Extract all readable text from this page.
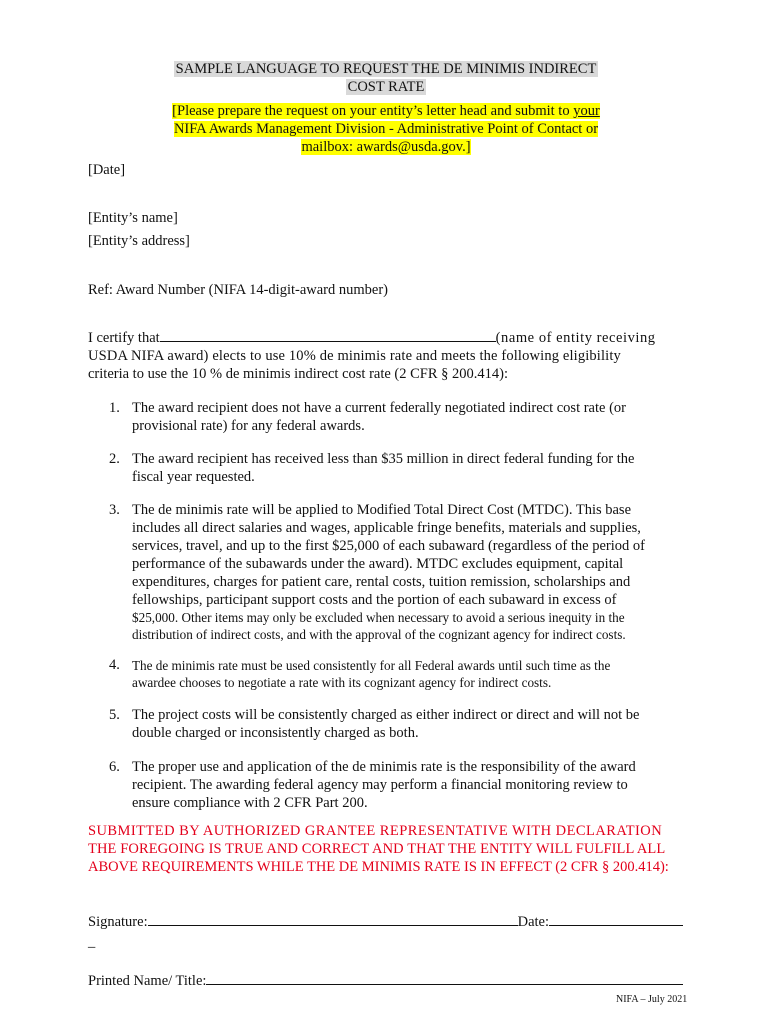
SAMPLE LANGUAGE TO REQUEST THE DE MINIMIS INDIRECT
COST RATE
[Please prepare the request on your entity’s letter head and submit to your
NIFA Awards Management Division - Administrative Point of Contact or
mailbox: awards@usda.gov.]
[Date]
[Entity’s name]
[Entity’s address]
Ref: Award Number (NIFA 14-digit-award number)
I certify that	(name of entity receiving
USDA NIFA award) elects to use 10% de minimis rate and meets the following eligibility
criteria to use the 10 % de minimis indirect cost rate (2 CFR § 200.414):
1. The award recipient does not have a current federally negotiated indirect cost rate (or
provisional rate) for any federal awards.
2. The award recipient has received less than $35 million in direct federal funding for the
fiscal year requested.
3. The de minimis rate will be applied to Modified Total Direct Cost (MTDC). This base
includes all direct salaries and wages, applicable fringe benefits, materials and supplies,
services, travel, and up to the first $25,000 of each subaward (regardless of the period of
performance of the subawards under the award). MTDC excludes equipment, capital
expenditures, charges for patient care, rental costs, tuition remission, scholarships and
fellowships, participant support costs and the portion of each subaward in excess of
$25,000. Other items may only be excluded when necessary to avoid a serious inequity in the
distribution of indirect costs, and with the approval of the cognizant agency for indirect costs.
4. The de minimis rate must be used consistently for all Federal awards until such time as the
awardee chooses to negotiate a rate with its cognizant agency for indirect costs.
5. The project costs will be consistently charged as either indirect or direct and will not be
double charged or inconsistently charged as both.
6. The proper use and application of the de minimis rate is the responsibility of the award
recipient. The awarding federal agency may perform a financial monitoring review to
ensure compliance with 2 CFR Part 200.
SUBMITTED BY AUTHORIZED GRANTEE REPRESENTATIVE WITH DECLARATION
THE FOREGOING IS TRUE AND CORRECT AND THAT THE ENTITY WILL FULFILL ALL
ABOVE REQUIREMENTS WHILE THE DE MINIMIS RATE IS IN EFFECT (2 CFR § 200.414):
Signature:	Date:
_
Printed Name/ Title:
NIFA – July 2021
